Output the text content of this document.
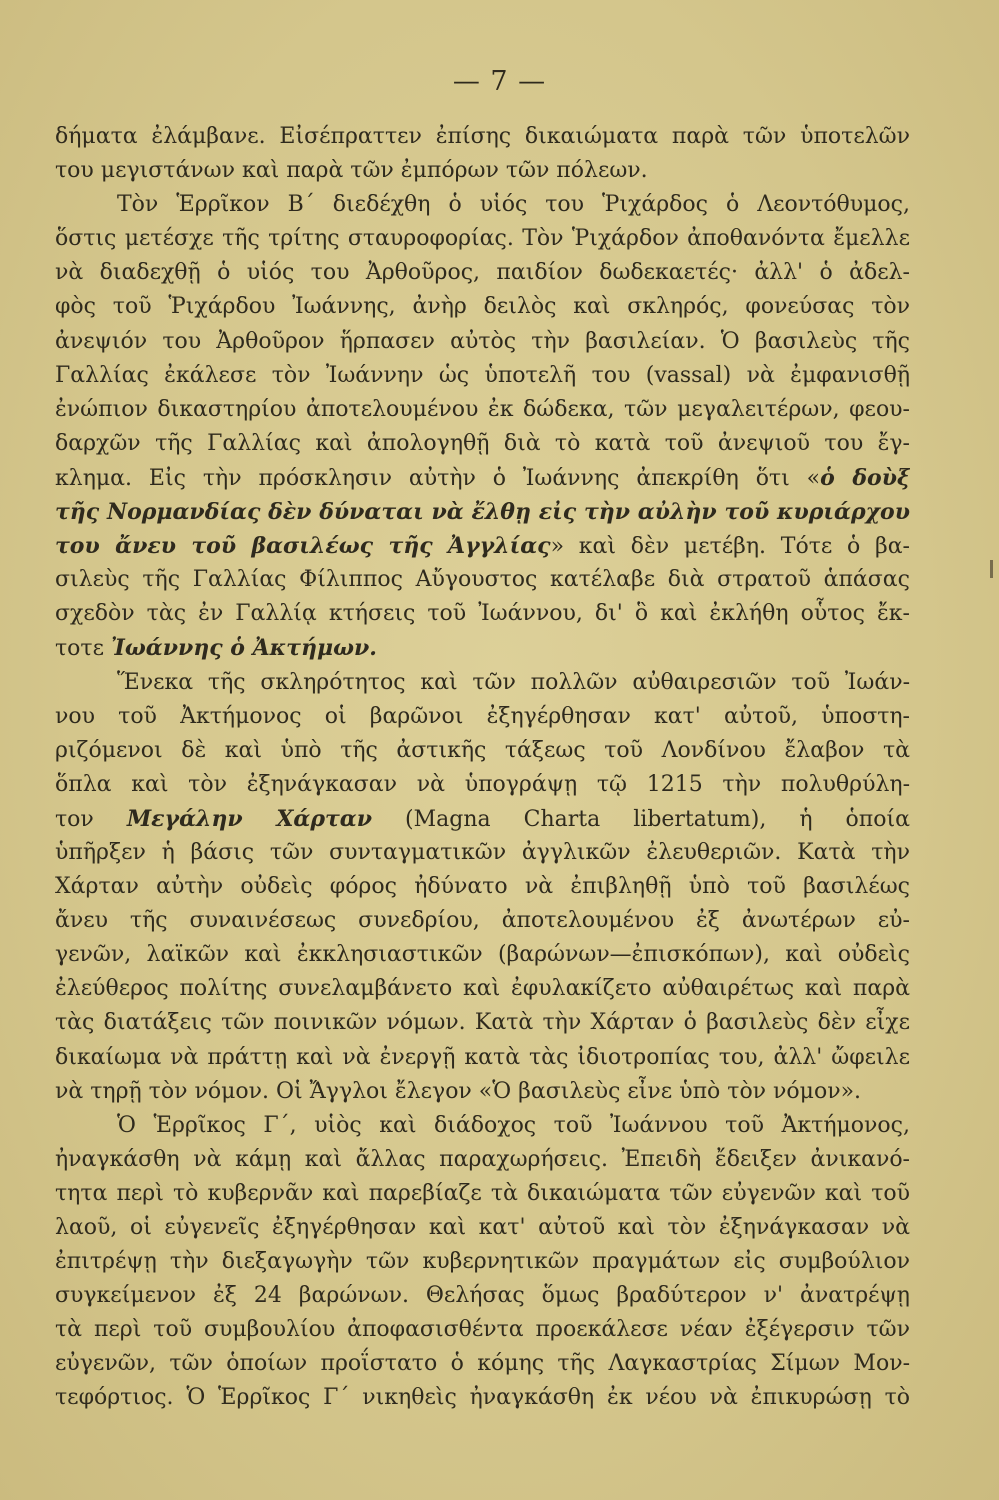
— 7 —
δήματα ἐλάμβανε. Εἰσέπραττεν ἐπίσης δικαιώματα παρὰ τῶν ὑποτελῶν
του μεγιστάνων καὶ παρὰ τῶν ἐμπόρων τῶν πόλεων.
Τὸν Ἑρρῖκον Β΄ διεδέχθη ὁ υἱός του Ῥιχάρδος ὁ Λεοντόθυμος,
ὅστις μετέσχε τῆς τρίτης σταυροφορίας. Τὸν Ῥιχάρδον ἀποθανόντα ἔμελλε
νὰ διαδεχθῇ ὁ υἱός του Ἀρθοῦρος, παιδίον δωδεκαετές· ἀλλ' ὁ ἀδελ-
φὸς τοῦ Ῥιχάρδου Ἰωάννης, ἀνὴρ δειλὸς καὶ σκληρός, φονεύσας τὸν
ἀνεψιόν του Ἀρθοῦρον ἥρπασεν αὐτὸς τὴν βασιλείαν. Ὁ βασιλεὺς τῆς
Γαλλίας ἐκάλεσε τὸν Ἰωάννην ὡς ὑποτελῆ του (vassal) νὰ ἐμφανισθῇ
ἐνώπιον δικαστηρίου ἀποτελουμένου ἐκ δώδεκα, τῶν μεγαλειτέρων, φεου-
δαρχῶν τῆς Γαλλίας καὶ ἀπολογηθῇ διὰ τὸ κατὰ τοῦ ἀνεψιοῦ του ἔγ-
κλημα. Εἰς τὴν πρόσκλησιν αὐτὴν ὁ Ἰωάννης ἀπεκρίθη ὅτι «ὁ δοὺξ
τῆς Νορμανδίας δὲν δύναται νὰ ἔλθῃ εἰς τὴν αὐλὴν τοῦ κυριάρχου
του ἄνευ τοῦ βασιλέως τῆς Ἀγγλίας» καὶ δὲν μετέβη. Τότε ὁ βα-
σιλεὺς τῆς Γαλλίας Φίλιππος Αὔγουστος κατέλαβε διὰ στρατοῦ ἁπάσας
σχεδὸν τὰς ἐν Γαλλίᾳ κτήσεις τοῦ Ἰωάννου, δι' ὃ καὶ ἐκλήθη οὗτος ἔκ-
τοτε Ἰωάννης ὁ Ἀκτήμων.
Ἕνεκα τῆς σκληρότητος καὶ τῶν πολλῶν αὐθαιρεσιῶν τοῦ Ἰωάν-
νου τοῦ Ἀκτήμονος οἱ βαρῶνοι ἐξηγέρθησαν κατ' αὐτοῦ, ὑποστη-
ριζόμενοι δὲ καὶ ὑπὸ τῆς ἀστικῆς τάξεως τοῦ Λονδίνου ἔλαβον τὰ
ὅπλα καὶ τὸν ἐξηνάγκασαν νὰ ὑπογράψῃ τῷ 1215 τὴν πολυθρύλη-
τον Μεγάλην Χάρταν (Magna Charta libertatum), ἡ ὁποία
ὑπῆρξεν ἡ βάσις τῶν συνταγματικῶν ἀγγλικῶν ἐλευθεριῶν. Κατὰ τὴν
Χάρταν αὐτὴν οὐδεὶς φόρος ἠδύνατο νὰ ἐπιβληθῇ ὑπὸ τοῦ βασιλέως
ἄνευ τῆς συναινέσεως συνεδρίου, ἀποτελουμένου ἐξ ἀνωτέρων εὐ-
γενῶν, λαϊκῶν καὶ ἐκκλησιαστικῶν (βαρώνων—ἐπισκόπων), καὶ οὐδεὶς
ἐλεύθερος πολίτης συνελαμβάνετο καὶ ἐφυλακίζετο αὐθαιρέτως καὶ παρὰ
τὰς διατάξεις τῶν ποινικῶν νόμων. Κατὰ τὴν Χάρταν ὁ βασιλεὺς δὲν εἶχε
δικαίωμα νὰ πράττῃ καὶ νὰ ἐνεργῇ κατὰ τὰς ἰδιοτροπίας του, ἀλλ' ὤφειλε
νὰ τηρῇ τὸν νόμον. Οἱ Ἄγγλοι ἔλεγον «Ὁ βασιλεὺς εἶνε ὑπὸ τὸν νόμον».
Ὁ Ἑρρῖκος Γ΄, υἱὸς καὶ διάδοχος τοῦ Ἰωάννου τοῦ Ἀκτήμονος,
ἠναγκάσθη νὰ κάμῃ καὶ ἄλλας παραχωρήσεις. Ἐπειδὴ ἔδειξεν ἀνικανό-
τητα περὶ τὸ κυβερνᾶν καὶ παρεβίαζε τὰ δικαιώματα τῶν εὐγενῶν καὶ τοῦ
λαοῦ, οἱ εὐγενεῖς ἐξηγέρθησαν καὶ κατ' αὐτοῦ καὶ τὸν ἐξηνάγκασαν νὰ
ἐπιτρέψῃ τὴν διεξαγωγὴν τῶν κυβερνητικῶν πραγμάτων εἰς συμβούλιον
συγκείμενον ἐξ 24 βαρώνων. Θελήσας ὅμως βραδύτερον ν' ἀνατρέψῃ
τὰ περὶ τοῦ συμβουλίου ἀποφασισθέντα προεκάλεσε νέαν ἐξέγερσιν τῶν
εὐγενῶν, τῶν ὁποίων προΐστατο ὁ κόμης τῆς Λαγκαστρίας Σίμων Μον-
τεφόρτιος. Ὁ Ἑρρῖκος Γ΄ νικηθεὶς ἠναγκάσθη ἐκ νέου νὰ ἐπικυρώσῃ τὸ
